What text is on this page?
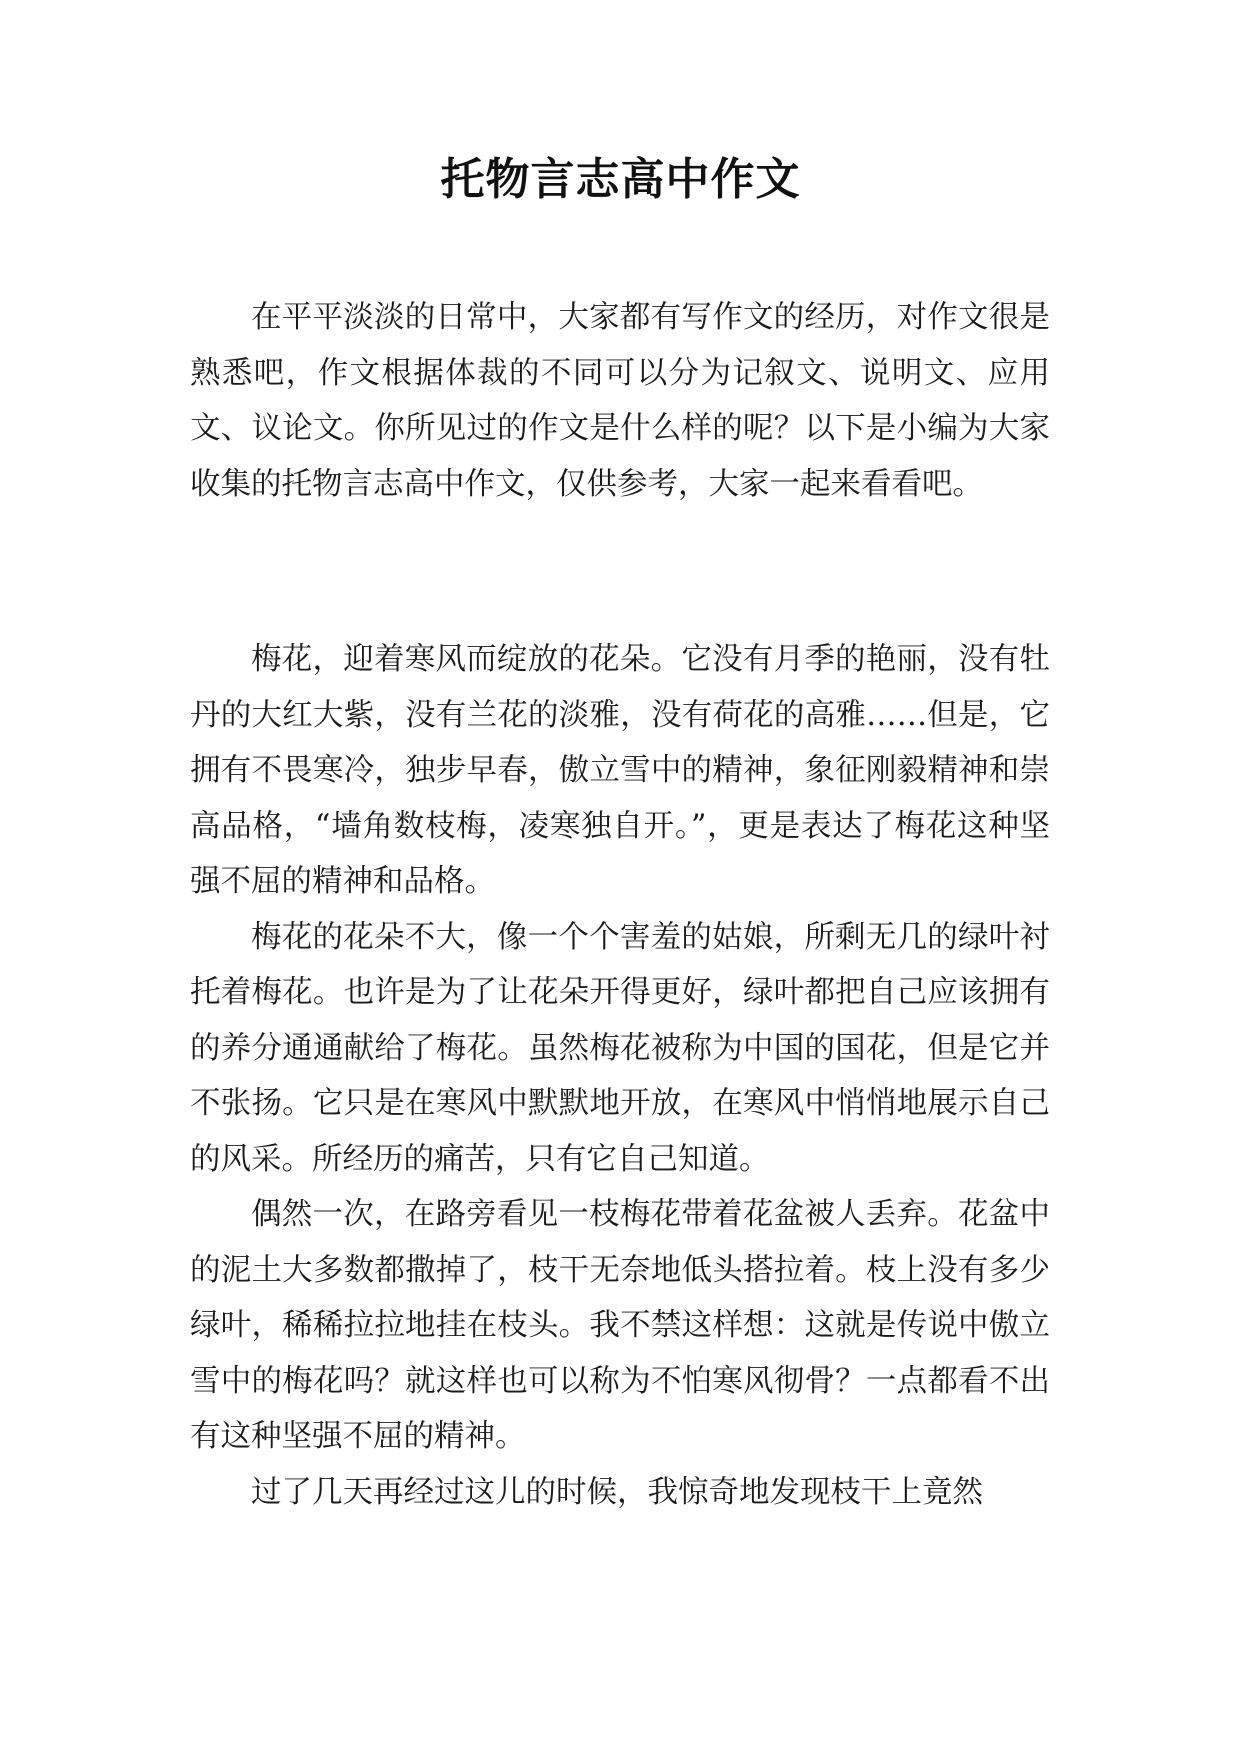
托物言志高中作文

在平平淡淡的日常中，大家都有写作文的经历，对作文很是熟悉吧，作文根据体裁的不同可以分为记叙文、说明文、应用文、议论文。你所见过的作文是什么样的呢？以下是小编为大家收集的托物言志高中作文，仅供参考，大家一起来看看吧。

梅花，迎着寒风而绽放的花朵。它没有月季的艳丽，没有牡丹的大红大紫，没有兰花的淡雅，没有荷花的高雅……但是，它拥有不畏寒冷，独步早春，傲立雪中的精神，象征刚毅精神和崇高品格，“墙角数枝梅，凌寒独自开。”，更是表达了梅花这种坚强不屈的精神和品格。

梅花的花朵不大，像一个个害羞的姑娘，所剩无几的绿叶衬托着梅花。也许是为了让花朵开得更好，绿叶都把自己应该拥有的养分通通献给了梅花。虽然梅花被称为中国的国花，但是它并不张扬。它只是在寒风中默默地开放，在寒风中悄悄地展示自己的风采。所经历的痛苦，只有它自己知道。

偶然一次，在路旁看见一枝梅花带着花盆被人丢弃。花盆中的泥土大多数都撒掉了，枝干无奈地低头搭拉着。枝上没有多少绿叶，稀稀拉拉地挂在枝头。我不禁这样想：这就是传说中傲立雪中的梅花吗？就这样也可以称为不怕寒风彻骨？一点都看不出有这种坚强不屈的精神。

过了几天再经过这儿的时候，我惊奇地发现枝干上竟然
